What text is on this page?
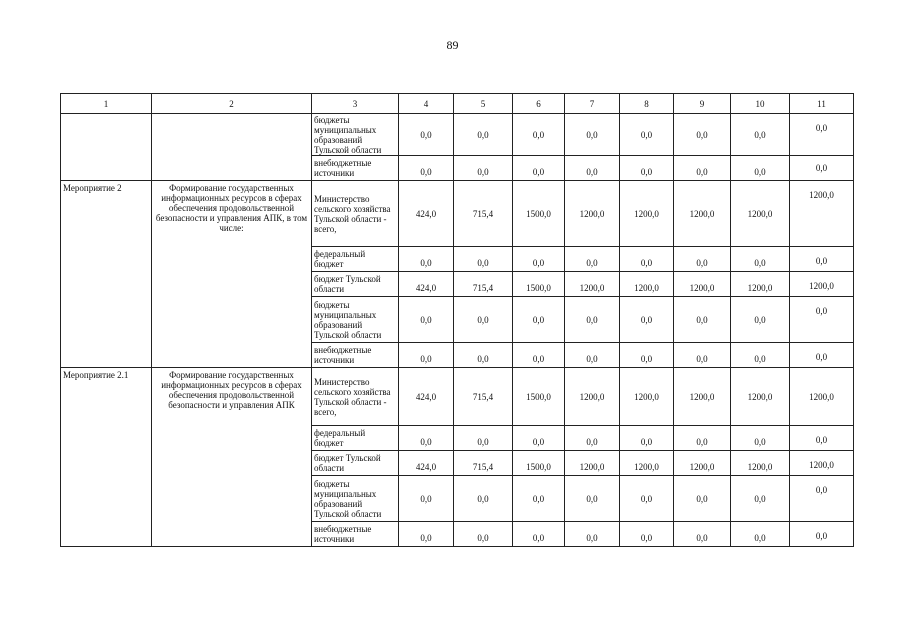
89
1	2	3	4	5	6	7	8	9	10	11
		бюджеты муниципальных образований Тульской области	0,0	0,0	0,0	0,0	0,0	0,0	0,0	0,0
		внебюджетные источники	0,0	0,0	0,0	0,0	0,0	0,0	0,0	0,0
Мероприятие 2	Формирование государственных информационных ресурсов в сферах обеспечения продовольственной безопасности и управления АПК, в том числе:	Министерство сельского хозяйства Тульской области - всего,	424,0	715,4	1500,0	1200,0	1200,0	1200,0	1200,0	1200,0
		федеральный бюджет	0,0	0,0	0,0	0,0	0,0	0,0	0,0	0,0
		бюджет Тульской области	424,0	715,4	1500,0	1200,0	1200,0	1200,0	1200,0	1200,0
		бюджеты муниципальных образований Тульской области	0,0	0,0	0,0	0,0	0,0	0,0	0,0	0,0
		внебюджетные источники	0,0	0,0	0,0	0,0	0,0	0,0	0,0	0,0
Мероприятие 2.1	Формирование государственных информационных ресурсов в сферах обеспечения продовольственной безопасности и управления АПК	Министерство сельского хозяйства Тульской области - всего,	424,0	715,4	1500,0	1200,0	1200,0	1200,0	1200,0	1200,0
		федеральный бюджет	0,0	0,0	0,0	0,0	0,0	0,0	0,0	0,0
		бюджет Тульской области	424,0	715,4	1500,0	1200,0	1200,0	1200,0	1200,0	1200,0
		бюджеты муниципальных образований Тульской области	0,0	0,0	0,0	0,0	0,0	0,0	0,0	0,0
		внебюджетные источники	0,0	0,0	0,0	0,0	0,0	0,0	0,0	0,0
